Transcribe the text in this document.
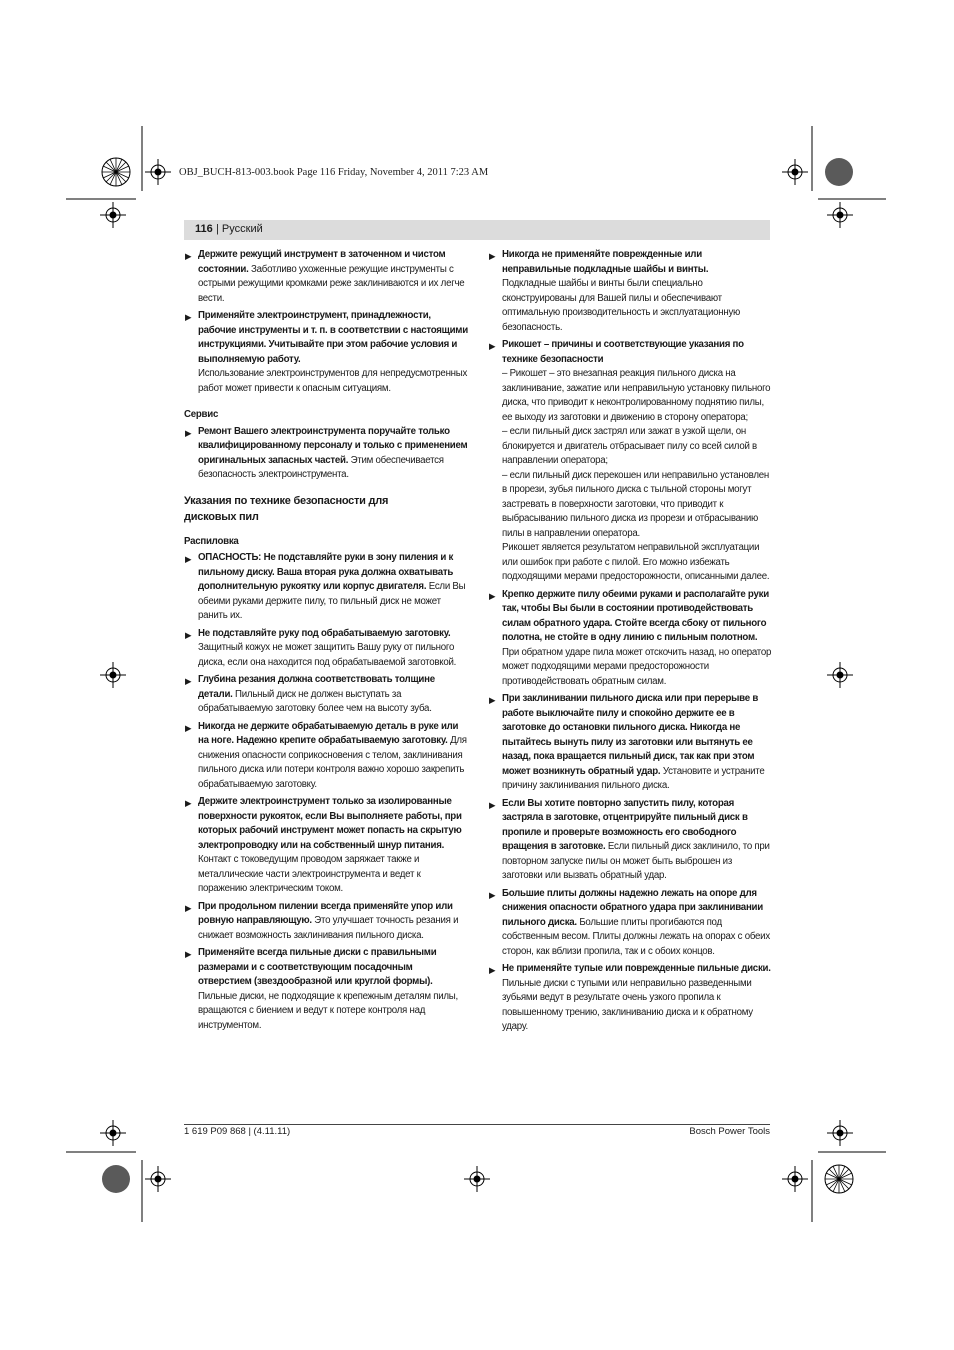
OBJ_BUCH-813-003.book Page 116 Friday, November 4, 2011 7:23 AM
116 | Русский
▶ Держите режущий инструмент в заточенном и чистом состоянии. Заботливо ухоженные режущие инструменты с острыми режущими кромками реже заклиниваются и их легче вести.
▶ Применяйте электроинструмент, принадлежности, рабочие инструменты и т. п. в соответствии с настоящими инструкциями. Учитывайте при этом рабочие условия и выполняемую работу.
Использование электроинструментов для непредусмотренных работ может привести к опасным ситуациям.
Сервис
▶ Ремонт Вашего электроинструмента поручайте только квалифицированному персоналу и только с применением оригинальных запасных частей. Этим обеспечивается безопасность электроинструмента.
Указания по технике безопасности для дисковых пил
Распиловка
▶ ОПАСНОСТЬ: Не подставляйте руки в зону пиления и к пильному диску. Ваша вторая рука должна охватывать дополнительную рукоятку или корпус двигателя. Если Вы обеими руками держите пилу, то пильный диск не может ранить их.
▶ Не подставляйте руку под обрабатываемую заготовку. Защитный кожух не может защитить Вашу руку от пильного диска, если она находится под обрабатываемой заготовкой.
▶ Глубина резания должна соответствовать толщине детали. Пильный диск не должен выступать за обрабатываемую заготовку более чем на высоту зуба.
▶ Никогда не держите обрабатываемую деталь в руке или на ноге. Надежно крепите обрабатываемую заготовку. Для снижения опасности соприкосновения с телом, заклинивания пильного диска или потери контроля важно хорошо закрепить обрабатываемую заготовку.
▶ Держите электроинструмент только за изолированные поверхности рукояток, если Вы выполняете работы, при которых рабочий инструмент может попасть на скрытую электропроводку или на собственный шнур питания.
Контакт с токоведущим проводом заряжает также и металлические части электроинструмента и ведет к поражению электрическим током.
▶ При продольном пилении всегда применяйте упор или ровную направляющую. Это улучшает точность резания и снижает возможность заклинивания пильного диска.
▶ Применяйте всегда пильные диски с правильными размерами и с соответствующим посадочным отверстием (звездообразной или круглой формы).
Пильные диски, не подходящие к крепежным деталям пилы, вращаются с биением и ведут к потере контроля над инструментом.
▶ Никогда не применяйте поврежденные или неправильные подкладные шайбы и винты.
Подкладные шайбы и винты были специально сконструированы для Вашей пилы и обеспечивают оптимальную производительность и эксплуатационную безопасность.
▶ Рикошет – причины и соответствующие указания по технике безопасности
– Рикошет – это внезапная реакция пильного диска на заклинивание, зажатие или неправильную установку пильного диска, что приводит к неконтролированному поднятию пилы, ее выходу из заготовки и движению в сторону оператора;
– если пильный диск застрял или зажат в узкой щели, он блокируется и двигатель отбрасывает пилу со всей силой в направлении оператора;
– если пильный диск перекошен или неправильно установлен в прорези, зубья пильного диска с тыльной стороны могут застревать в поверхности заготовки, что приводит к выбрасыванию пильного диска из прорези и отбрасыванию пилы в направлении оператора.
Рикошет является результатом неправильной эксплуатации или ошибок при работе с пилой. Его можно избежать подходящими мерами предосторожности, описанными далее.
▶ Крепко держите пилу обеими руками и располагайте руки так, чтобы Вы были в состоянии противодействовать силам обратного удара. Стойте всегда сбоку от пильного полотна, не стойте в одну линию с пильным полотном. При обратном ударе пила может отскочить назад, но оператор может подходящими мерами предосторожности противодействовать обратным силам.
▶ При заклинивании пильного диска или при перерыве в работе выключайте пилу и спокойно держите ее в заготовке до остановки пильного диска. Никогда не пытайтесь вынуть пилу из заготовки или вытянуть ее назад, пока вращается пильный диск, так как при этом может возникнуть обратный удар. Установите и устраните причину заклинивания пильного диска.
▶ Если Вы хотите повторно запустить пилу, которая застряла в заготовке, отцентрируйте пильный диск в пропиле и проверьте возможность его свободного вращения в заготовке. Если пильный диск заклинило, то при повторном запуске пилы он может быть выброшен из заготовки или вызвать обратный удар.
▶ Большие плиты должны надежно лежать на опоре для снижения опасности обратного удара при заклинивании пильного диска. Большие плиты прогибаются под собственным весом. Плиты должны лежать на опорах с обеих сторон, как вблизи пропила, так и с обоих концов.
▶ Не применяйте тупые или поврежденные пильные диски. Пильные диски с тупыми или неправильно разведенными зубьями ведут в результате очень узкого пропила к повышенному трению, заклиниванию диска и к обратному удару.
1 619 P09 868 | (4.11.11)	Bosch Power Tools
